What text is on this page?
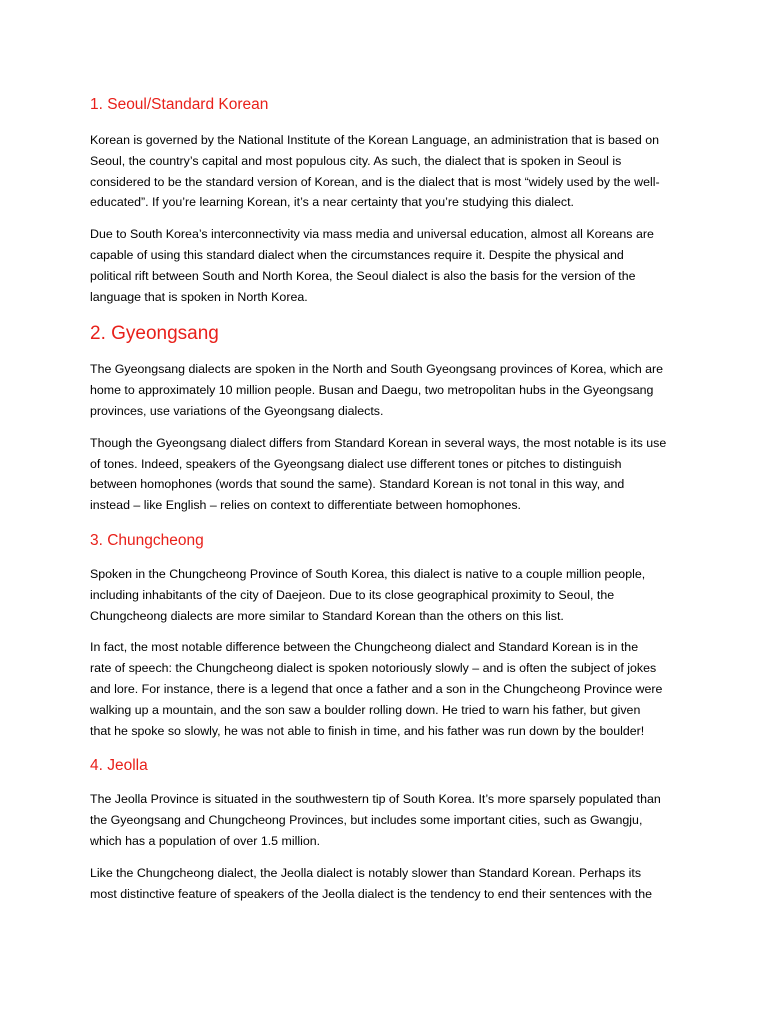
1. Seoul/Standard Korean

Korean is governed by the National Institute of the Korean Language, an administration that is based on
Seoul, the country’s capital and most populous city. As such, the dialect that is spoken in Seoul is
considered to be the standard version of Korean, and is the dialect that is most “widely used by the well-
educated”. If you’re learning Korean, it’s a near certainty that you’re studying this dialect.

Due to South Korea’s interconnectivity via mass media and universal education, almost all Koreans are
capable of using this standard dialect when the circumstances require it. Despite the physical and
political rift between South and North Korea, the Seoul dialect is also the basis for the version of the
language that is spoken in North Korea.

2. Gyeongsang

The Gyeongsang dialects are spoken in the North and South Gyeongsang provinces of Korea, which are
home to approximately 10 million people. Busan and Daegu, two metropolitan hubs in the Gyeongsang
provinces, use variations of the Gyeongsang dialects.

Though the Gyeongsang dialect differs from Standard Korean in several ways, the most notable is its use
of tones. Indeed, speakers of the Gyeongsang dialect use different tones or pitches to distinguish
between homophones (words that sound the same). Standard Korean is not tonal in this way, and
instead – like English – relies on context to differentiate between homophones.

3. Chungcheong

Spoken in the Chungcheong Province of South Korea, this dialect is native to a couple million people,
including inhabitants of the city of Daejeon. Due to its close geographical proximity to Seoul, the
Chungcheong dialects are more similar to Standard Korean than the others on this list.

In fact, the most notable difference between the Chungcheong dialect and Standard Korean is in the
rate of speech: the Chungcheong dialect is spoken notoriously slowly – and is often the subject of jokes
and lore. For instance, there is a legend that once a father and a son in the Chungcheong Province were
walking up a mountain, and the son saw a boulder rolling down. He tried to warn his father, but given
that he spoke so slowly, he was not able to finish in time, and his father was run down by the boulder!

4. Jeolla

The Jeolla Province is situated in the southwestern tip of South Korea. It’s more sparsely populated than
the Gyeongsang and Chungcheong Provinces, but includes some important cities, such as Gwangju,
which has a population of over 1.5 million.

Like the Chungcheong dialect, the Jeolla dialect is notably slower than Standard Korean. Perhaps its
most distinctive feature of speakers of the Jeolla dialect is the tendency to end their sentences with the
